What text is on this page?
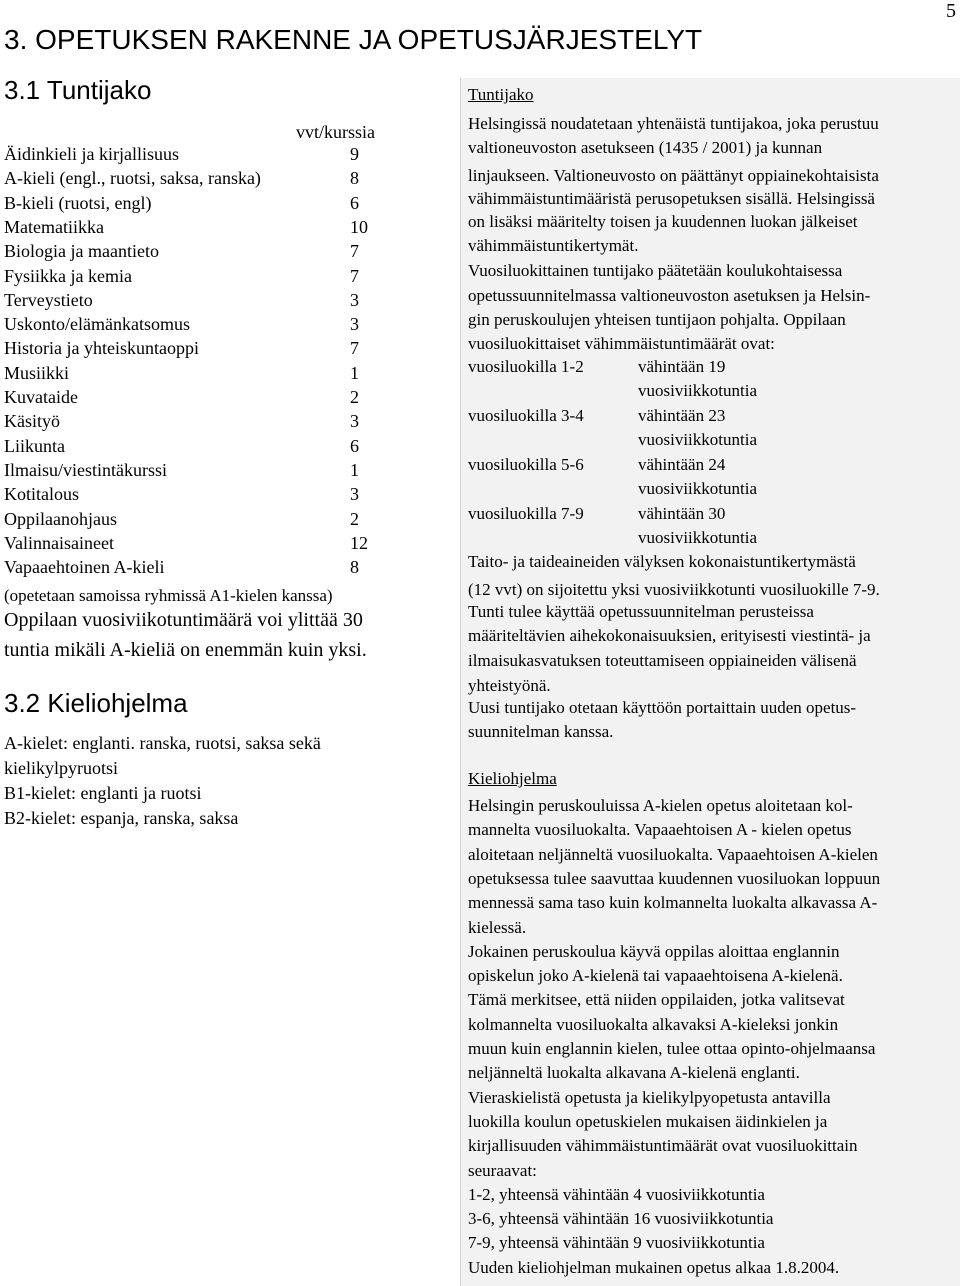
5
3. OPETUKSEN RAKENNE JA OPETUSJÄRJESTELYT
3.1 Tuntijako
vvt/kurssia
Äidinkieli ja kirjallisuus	9
A-kieli (engl., ruotsi, saksa, ranska)	8
B-kieli (ruotsi, engl)	6
Matematiikka	10
Biologia ja maantieto	7
Fysiikka ja kemia	7
Terveystieto	3
Uskonto/elämänkatsomus	3
Historia ja yhteiskuntaoppi	7
Musiikki	1
Kuvataide	2
Käsityö	3
Liikunta	6
Ilmaisu/viestintäkurssi	1
Kotitalous	3
Oppilaanohjaus	2
Valinnaisaineet	12
Vapaaehtoinen A-kieli	8
(opetetaan samoissa ryhmissä A1-kielen kanssa)
Oppilaan vuosiviikotuntimäärä voi ylittää 30
tuntia mikäli A-kieliä on enemmän kuin yksi.
3.2 Kieliohjelma
A-kielet: englanti. ranska, ruotsi, saksa sekä
kielikylpyruotsi
B1-kielet: englanti ja ruotsi
B2-kielet: espanja, ranska, saksa
Tuntijako
Helsingissä noudatetaan yhtenäistä tuntijakoa, joka perustuu
valtioneuvoston asetukseen (1435 / 2001) ja kunnan
linjaukseen. Valtioneuvosto on päättänyt oppiainekohtaisista
vähimmäistuntimääristä perusopetuksen sisällä. Helsingissä
on lisäksi määritelty toisen ja kuudennen luokan jälkeiset
vähimmäistuntikertymät.
Vuosiluokittainen tuntijako päätetään koulukohtaisessa
opetussuunnitelmassa valtioneuvoston asetuksen ja Helsin-
gin peruskoulujen yhteisen tuntijaon pohjalta. Oppilaan
vuosiluokittaiset vähimmäistuntimäärät ovat:
vuosiluokilla 1-2	vähintään 19
vuosiviikkotuntia
vuosiluokilla 3-4	vähintään 23
vuosiviikkotuntia
vuosiluokilla 5-6	vähintään 24
vuosiviikkotuntia
vuosiluokilla 7-9	vähintään 30
vuosiviikkotuntia
Taito- ja taideaineiden välyksen kokonaistuntikertymästä
(12 vvt) on sijoitettu yksi vuosiviikkotunti vuosiluokille 7-9.
Tunti tulee käyttää opetussuunnitelman perusteissa
määriteltävien aihekokonaisuuksien, erityisesti viestintä- ja
ilmaisukasvatuksen toteuttamiseen oppiaineiden välisenä
yhteistyönä.
Uusi tuntijako otetaan käyttöön portaittain uuden opetus-
suunnitelman kanssa.
Kieliohjelma
Helsingin peruskouluissa A-kielen opetus aloitetaan kol-
mannelta vuosiluokalta. Vapaaehtoisen A - kielen opetus
aloitetaan neljänneltä vuosiluokalta. Vapaaehtoisen A-kielen
opetuksessa tulee saavuttaa kuudennen vuosiluokan loppuun
mennessä sama taso kuin kolmannelta luokalta alkavassa A-
kielessä.
Jokainen peruskoulua käyvä oppilas aloittaa englannin
opiskelun joko A-kielenä tai vapaaehtoisena A-kielenä.
Tämä merkitsee, että niiden oppilaiden, jotka valitsevat
kolmannelta vuosiluokalta alkavaksi A-kieleksi jonkin
muun kuin englannin kielen, tulee ottaa opinto-ohjelmaansa
neljänneltä luokalta alkavana A-kielenä englanti.
Vieraskielistä opetusta ja kielikylpyopetusta antavilla
luokilla koulun opetuskielen mukaisen äidinkielen ja
kirjallisuuden vähimmäistuntimäärät ovat vuosiluokittain
seuraavat:
1-2, yhteensä vähintään 4 vuosiviikkotuntia
3-6, yhteensä vähintään 16 vuosiviikkotuntia
7-9, yhteensä vähintään 9 vuosiviikkotuntia
Uuden kieliohjelman mukainen opetus alkaa 1.8.2004.
